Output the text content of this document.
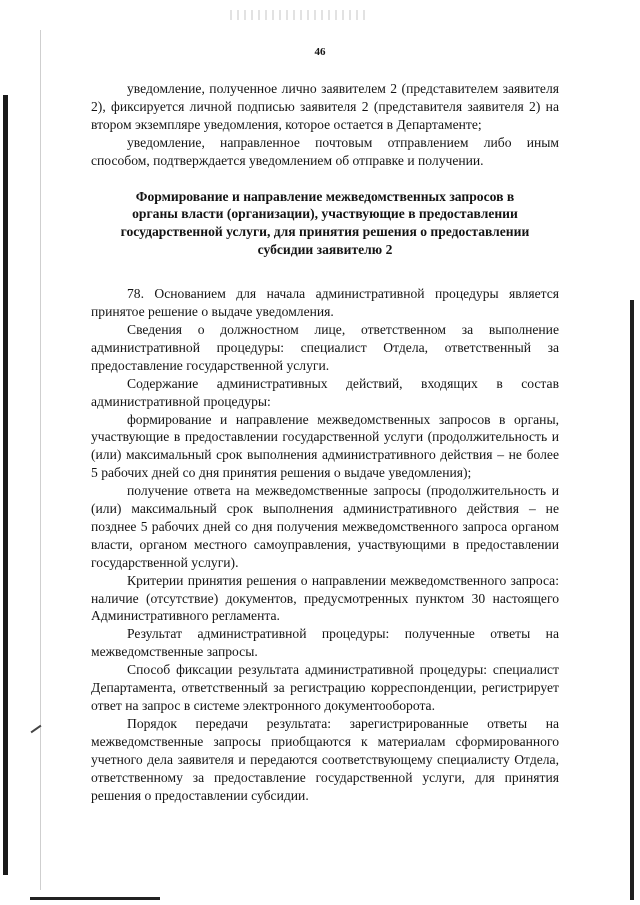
46

уведомление, полученное лично заявителем 2 (представителем заявителя 2), фиксируется личной подписью заявителя 2 (представителя заявителя 2) на втором экземпляре уведомления, которое остается в Департаменте;

уведомление, направленное почтовым отправлением либо иным способом, подтверждается уведомлением об отправке и получении.

Формирование и направление межведомственных запросов в
органы власти (организации), участвующие в предоставлении
государственной услуги, для принятия решения о предоставлении
субсидии заявителю 2

78. Основанием для начала административной процедуры является принятое решение о выдаче уведомления.

Сведения о должностном лице, ответственном за выполнение административной процедуры: специалист Отдела, ответственный за предоставление государственной услуги.

Содержание административных действий, входящих в состав административной процедуры:

формирование и направление межведомственных запросов в органы, участвующие в предоставлении государственной услуги (продолжительность и (или) максимальный срок выполнения административного действия – не более 5 рабочих дней со дня принятия решения о выдаче уведомления);

получение ответа на межведомственные запросы (продолжительность и (или) максимальный срок выполнения административного действия – не позднее 5 рабочих дней со дня получения межведомственного запроса органом власти, органом местного самоуправления, участвующими в предоставлении государственной услуги).

Критерии принятия решения о направлении межведомственного запроса: наличие (отсутствие) документов, предусмотренных пунктом 30 настоящего Административного регламента.

Результат административной процедуры: полученные ответы на межведомственные запросы.

Способ фиксации результата административной процедуры: специалист Департамента, ответственный за регистрацию корреспонденции, регистрирует ответ на запрос в системе электронного документооборота.

Порядок передачи результата: зарегистрированные ответы на межведомственные запросы приобщаются к материалам сформированного учетного дела заявителя и передаются соответствующему специалисту Отдела, ответственному за предоставление государственной услуги, для принятия решения о предоставлении субсидии.
